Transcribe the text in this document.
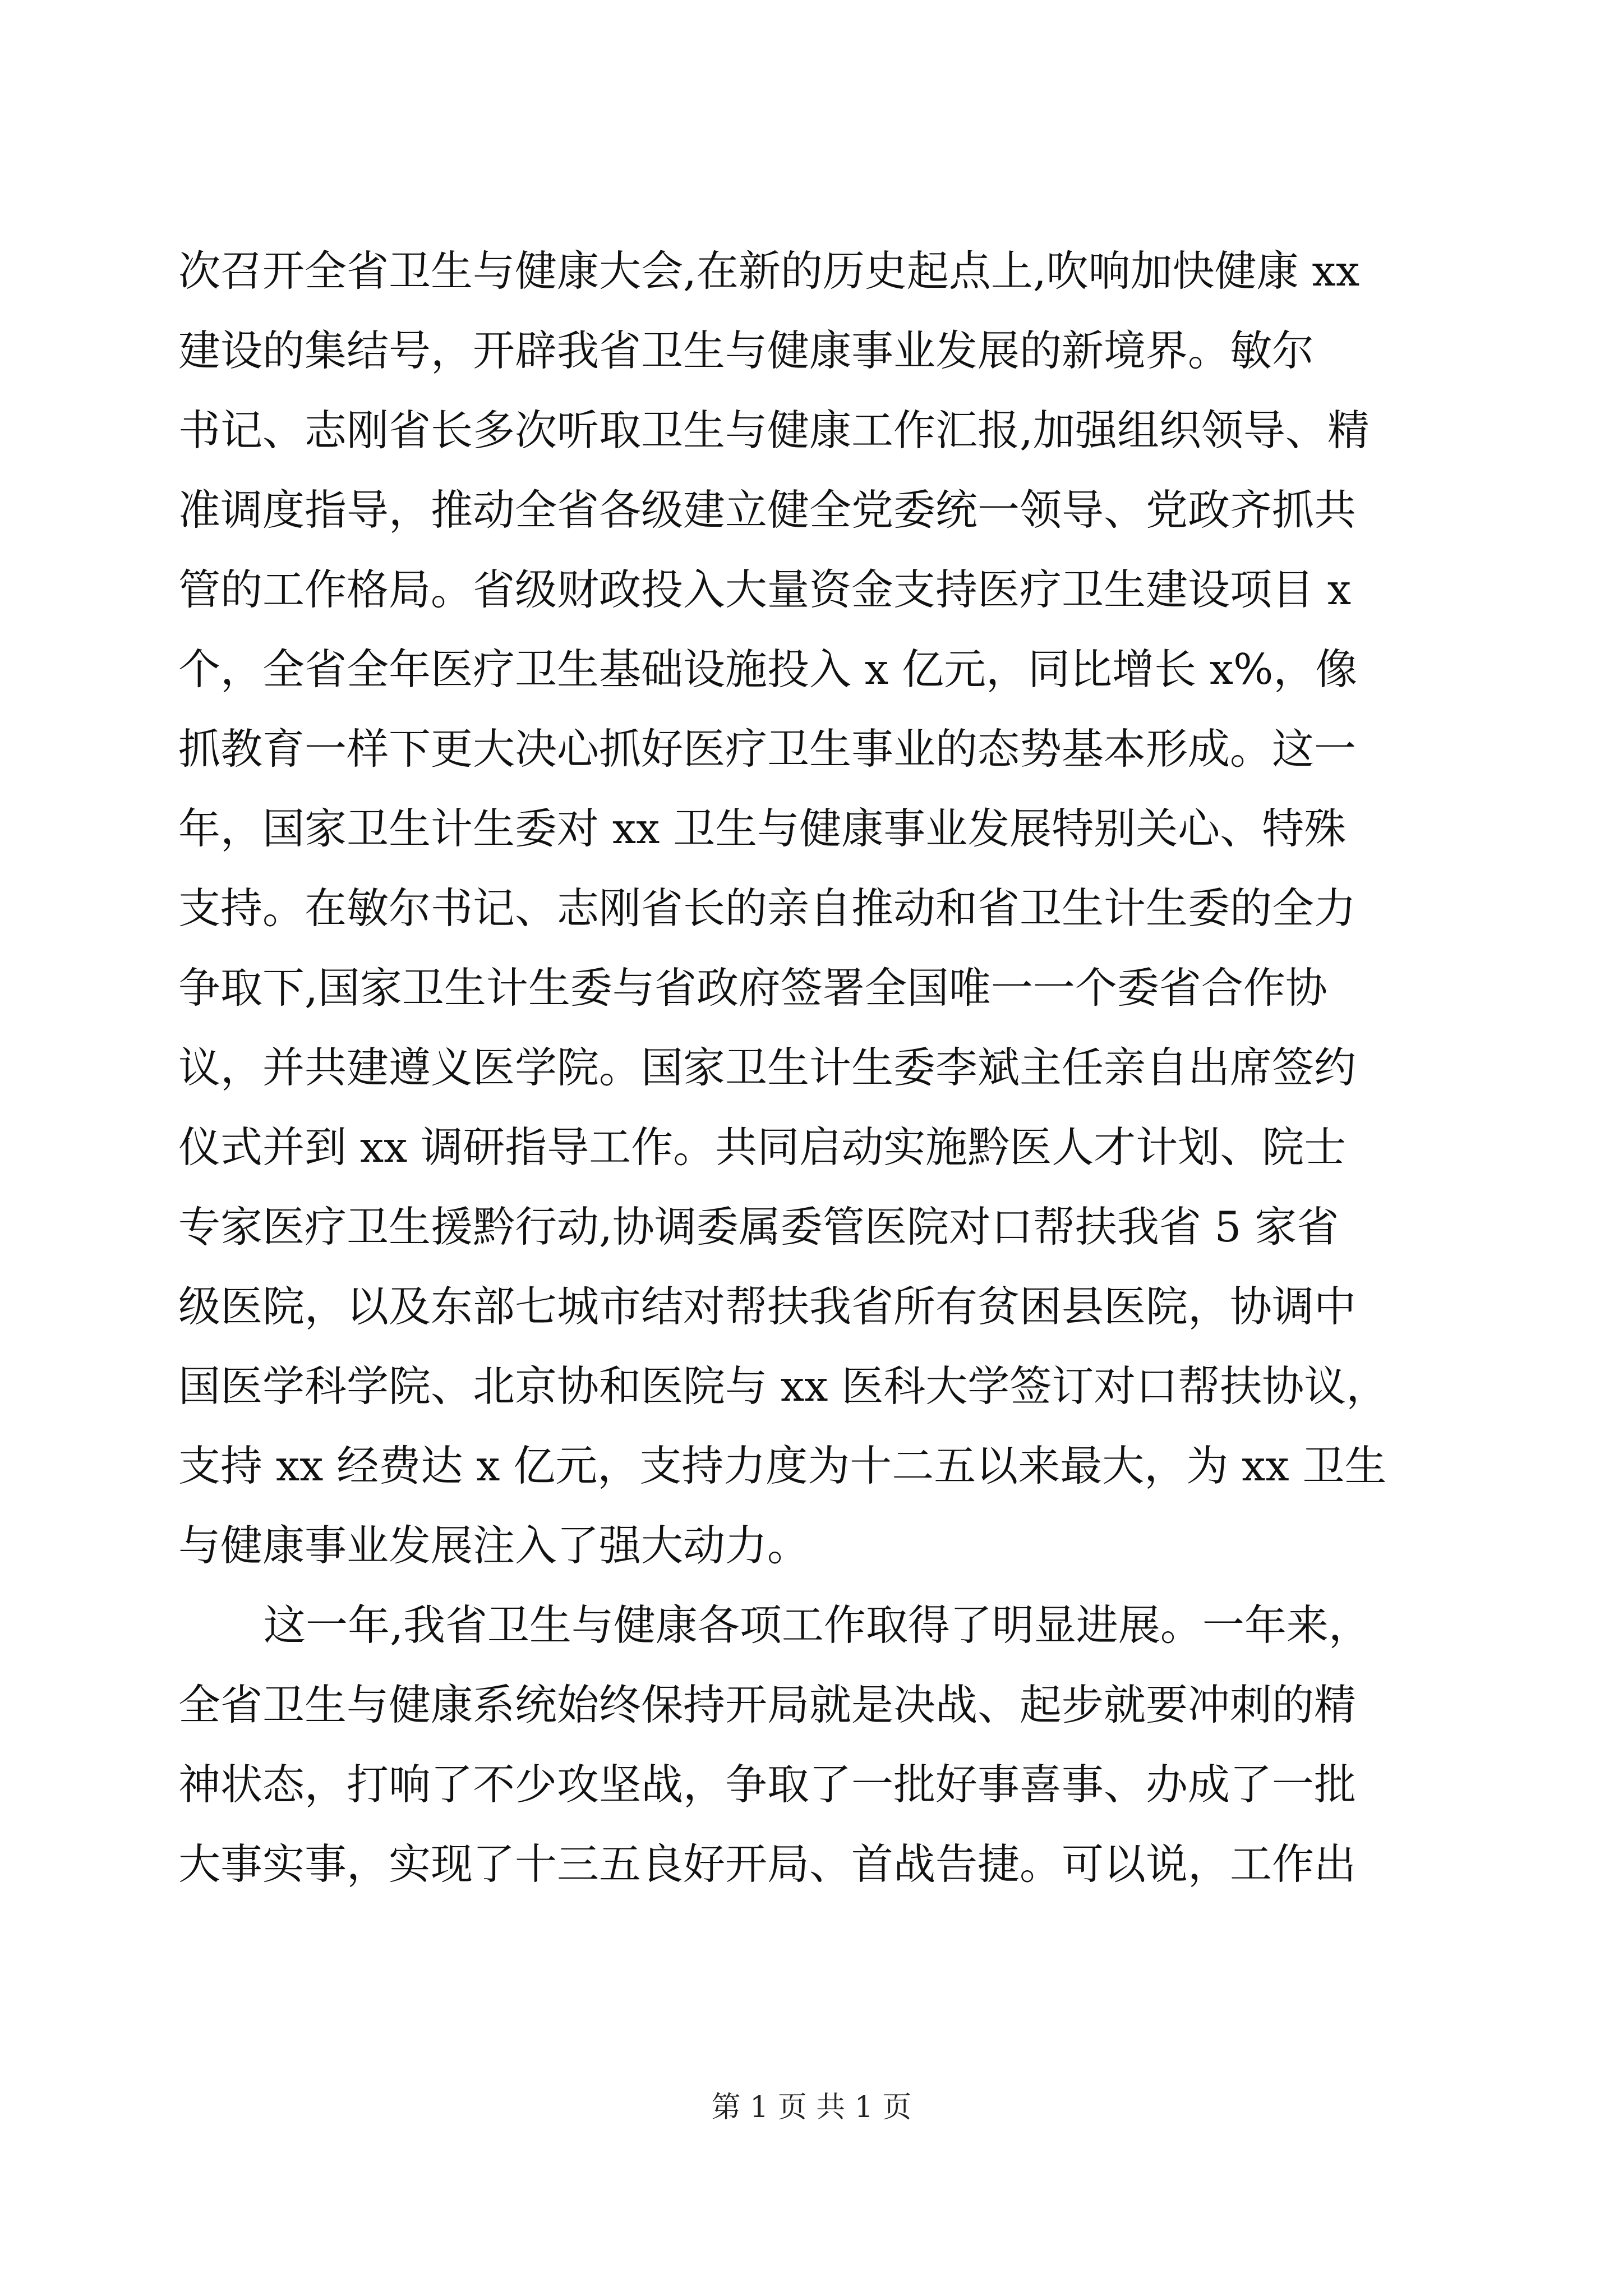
次召开全省卫生与健康大会,在新的历史起点上,吹响加快健康 xx
建设的集结号，开辟我省卫生与健康事业发展的新境界。敏尔
书记、志刚省长多次听取卫生与健康工作汇报,加强组织领导、精
准调度指导，推动全省各级建立健全党委统一领导、党政齐抓共
管的工作格局。省级财政投入大量资金支持医疗卫生建设项目 x
个，全省全年医疗卫生基础设施投入 x 亿元，同比增长 x%，像
抓教育一样下更大决心抓好医疗卫生事业的态势基本形成。这一
年，国家卫生计生委对 xx 卫生与健康事业发展特别关心、特殊
支持。在敏尔书记、志刚省长的亲自推动和省卫生计生委的全力
争取下,国家卫生计生委与省政府签署全国唯一一个委省合作协
议，并共建遵义医学院。国家卫生计生委李斌主任亲自出席签约
仪式并到 xx 调研指导工作。共同启动实施黔医人才计划、院士
专家医疗卫生援黔行动,协调委属委管医院对口帮扶我省 5 家省
级医院，以及东部七城市结对帮扶我省所有贫困县医院，协调中
国医学科学院、北京协和医院与 xx 医科大学签订对口帮扶协议，
支持 xx 经费达 x 亿元，支持力度为十二五以来最大，为 xx 卫生
与健康事业发展注入了强大动力。
这一年,我省卫生与健康各项工作取得了明显进展。一年来，
全省卫生与健康系统始终保持开局就是决战、起步就要冲刺的精
神状态，打响了不少攻坚战，争取了一批好事喜事、办成了一批
大事实事，实现了十三五良好开局、首战告捷。可以说，工作出
第 1 页 共 1 页
